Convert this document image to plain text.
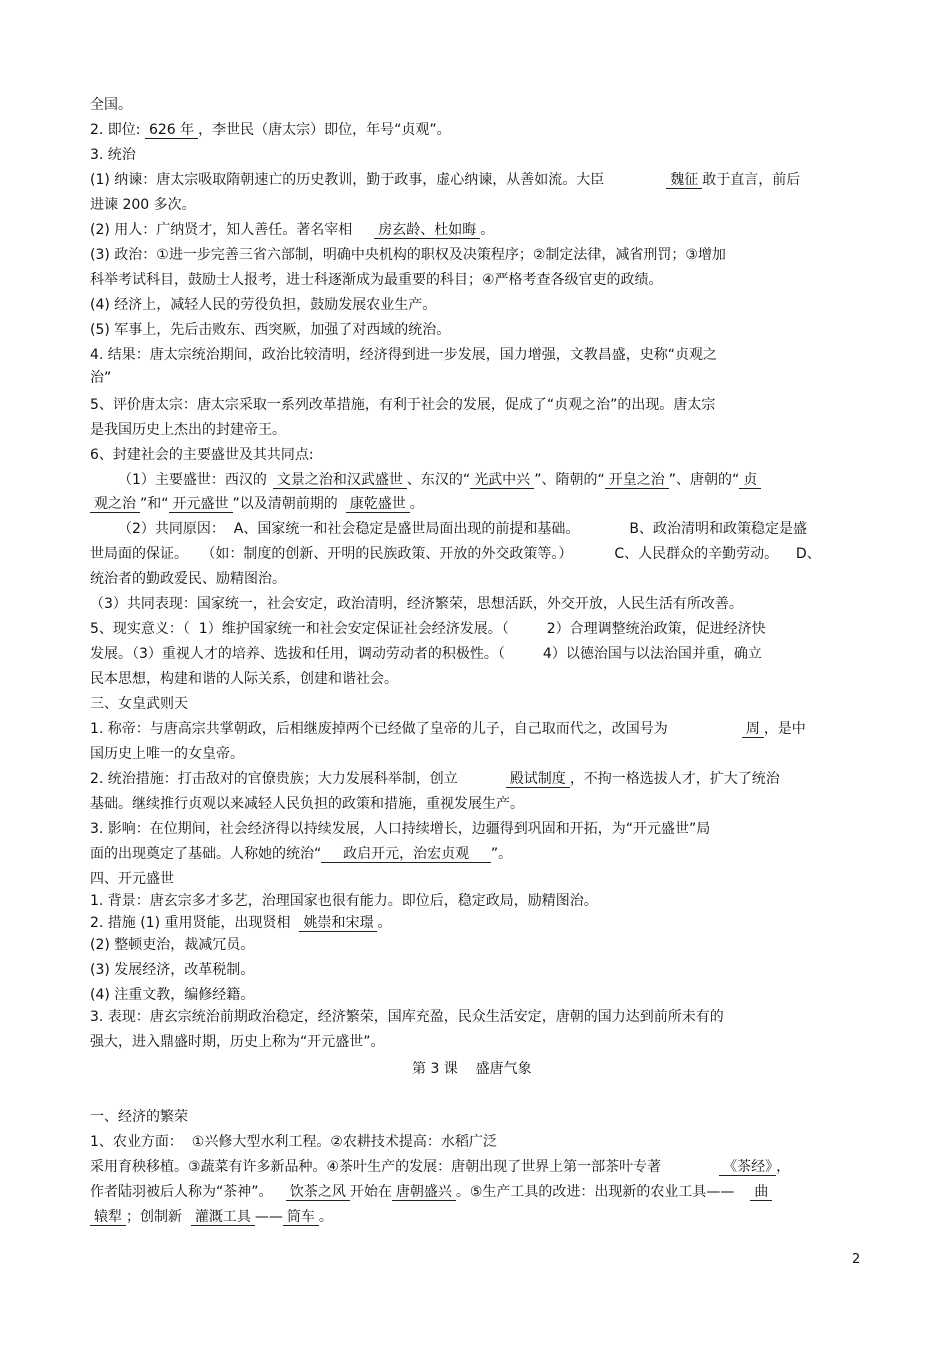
全国。
2. 即位: 626 年 ，李世民（唐太宗）即位，年号“贞观”。
3. 统治
(1) 纳谏：唐太宗吸取隋朝速亡的历史教训，勤于政事，虚心纳谏，从善如流。大臣	魏征 敢于直言，前后
进谏 200 多次。
(2) 用人：广纳贤才，知人善任。著名宰相 房玄龄、杜如晦 。
(3) 政治：①进一步完善三省六部制，明确中央机构的职权及决策程序；②制定法律，减省刑罚；③增加
科举考试科目，鼓励士人报考，进士科逐渐成为最重要的科目；④严格考查各级官吏的政绩。
(4) 经济上，减轻人民的劳役负担，鼓励发展农业生产。
(5) 军事上，先后击败东、西突厥，加强了对西域的统治。
4. 结果：唐太宗统治期间，政治比较清明，经济得到进一步发展，国力增强，文教昌盛，史称“贞观之
治”
5、评价唐太宗：唐太宗采取一系列改革措施，有利于社会的发展，促成了“贞观之治”的出现。唐太宗
是我国历史上杰出的封建帝王。
6、封建社会的主要盛世及其共同点:
（1）主要盛世：西汉的 文景之治和汉武盛世 、东汉的“ 光武中兴 ”、隋朝的“ 开皇之治 ”、唐朝的“ 贞
观之治 ”和“ 开元盛世 ”以及清朝前期的 康乾盛世 。
（2）共同原因：  A、国家统一和社会稳定是盛世局面出现的前提和基础。	B、政治清明和政策稳定是盛
世局面的保证。   （如：制度的创新、开明的民族政策、开放的外交政策等。）	C、人民群众的辛勤劳动。    D、
统治者的勤政爱民、励精图治。
（3）共同表现：国家统一，社会安定，政治清明，经济繁荣，思想活跃，外交开放，人民生活有所改善。
5、现实意义：（  1）维护国家统一和社会安定保证社会经济发展。（	2）合理调整统治政策，促进经济快
发展。（3）重视人才的培养、选拔和任用，调动劳动者的积极性。（	4）以德治国与以法治国并重，确立
民本思想，构建和谐的人际关系，创建和谐社会。
三、女皇武则天
1. 称帝：与唐高宗共掌朝政，后相继废掉两个已经做了皇帝的儿子，自己取而代之，改国号为	周 ，是中
国历史上唯一的女皇帝。
2. 统治措施：打击敌对的官僚贵族；大力发展科举制，创立	殿试制度 ，不拘一格选拔人才，扩大了统治
基础。继续推行贞观以来减轻人民负担的政策和措施，重视发展生产。
3. 影响：在位期间，社会经济得以持续发展，人口持续增长，边疆得到巩固和开拓，为“开元盛世”局
面的出现奠定了基础。人称她的统治“    政启开元，治宏贞观    ”。
四、开元盛世
1. 背景：唐玄宗多才多艺，治理国家也很有能力。即位后，稳定政局，励精图治。
2. 措施 (1) 重用贤能，出现贤相  姚崇和宋璟 。
(2) 整顿吏治，裁减冗员。
(3) 发展经济，改革税制。
(4) 注重文教，编修经籍。
3. 表现：唐玄宗统治前期政治稳定，经济繁荣，国库充盈，民众生活安定，唐朝的国力达到前所未有的
强大，进入鼎盛时期，历史上称为“开元盛世”。
一、经济的繁荣
1、农业方面：  ①兴修大型水利工程。②农耕技术提高：水稻广泛
采用育秧移植。③蔬菜有许多新品种。④茶叶生产的发展：唐朝出现了世界上第一部茶叶专著	《茶经》 ，
作者陆羽被后人称为“茶神”。   饮茶之风 开始在 唐朝盛兴 。⑤生产工具的改进：出现新的农业工具—— 曲
辕犁 ；创制新  灌溉工具 —— 筒车 。
第 3 课    盛唐气象
2
